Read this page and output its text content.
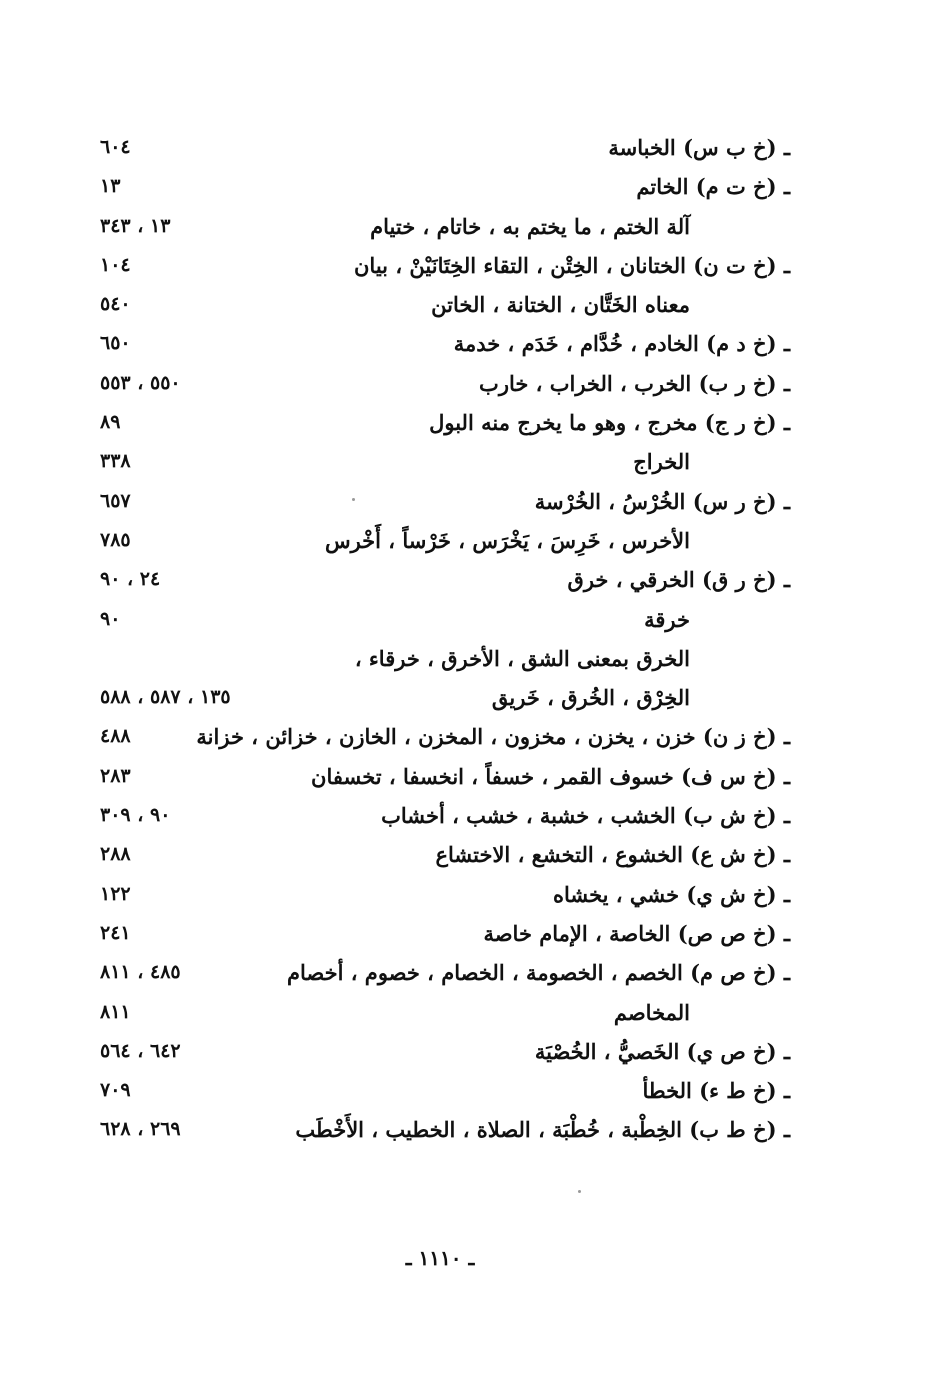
ـ (خ ب س) الخباسة
٦٠٤
ـ (خ ت م) الخاتم
١٣
آلة الختم ، ما يختم به ، خاتام ، ختيام
١٣ ، ٣٤٣
ـ (خ ت ن) الختانان ، الخِتْن ، التقاء الخِتَانَيْنْ ، بيان
١٠٤
معناه الخَتَّان ، الختانة ، الخاتن
٥٤٠
ـ (خ د م) الخادم ، خُدَّام ، خَدَم ، خدمة
٦٥٠
ـ (خ ر ب) الخرب ، الخراب ، خارب
٥٥٠ ، ٥٥٣
ـ (خ ر ج) مخرج ، وهو ما يخرج منه البول
٨٩
الخراج
٣٣٨
ـ (خ ر س) الخُرْسُ ، الخُرْسة
٦٥٧
الأخرس ، خَرِسَ ، يَخْرَس ، خَرْساً ، أَخْرس
٧٨٥
ـ (خ ر ق) الخرقي ، خرق
٢٤ ، ٩٠
خرقة
٩٠
الخرق بمعنى الشق ، الأخرق ، خرقاء ،
الخِرْق ، الخُرق ، خَريق
١٣٥ ، ٥٨٧ ، ٥٨٨
ـ (خ ز ن) خزن ، يخزن ، مخزون ، المخزن ، الخازن ، خزائن ، خزانة
٤٨٨
ـ (خ س ف) خسوف القمر ، خسفاً ، انخسفا ، تخسفان
٢٨٣
ـ (خ ش ب) الخشب ، خشبة ، خشب ، أخشاب
٩٠ ، ٣٠٩
ـ (خ ش ع) الخشوع ، التخشع ، الاختشاع
٢٨٨
ـ (خ ش ي) خشي ، يخشاه
١٢٢
ـ (خ ص ص) الخاصة ، الإمام خاصة
٢٤١
ـ (خ ص م) الخصم ، الخصومة ، الخصام ، خصوم ، أخصام
٤٨٥ ، ٨١١
المخاصم
٨١١
ـ (خ ص ي) الخَصيُّ ، الخُصْيَة
٦٤٢ ، ٥٦٤
ـ (خ ط ء) الخطأ
٧٠٩
ـ (خ ط ب) الخِطْبة ، خُطْبَة ، الصلاة ، الخطيب ، الأَخْطَب
٢٦٩ ، ٦٢٨
ـ ١١١٠ ـ
